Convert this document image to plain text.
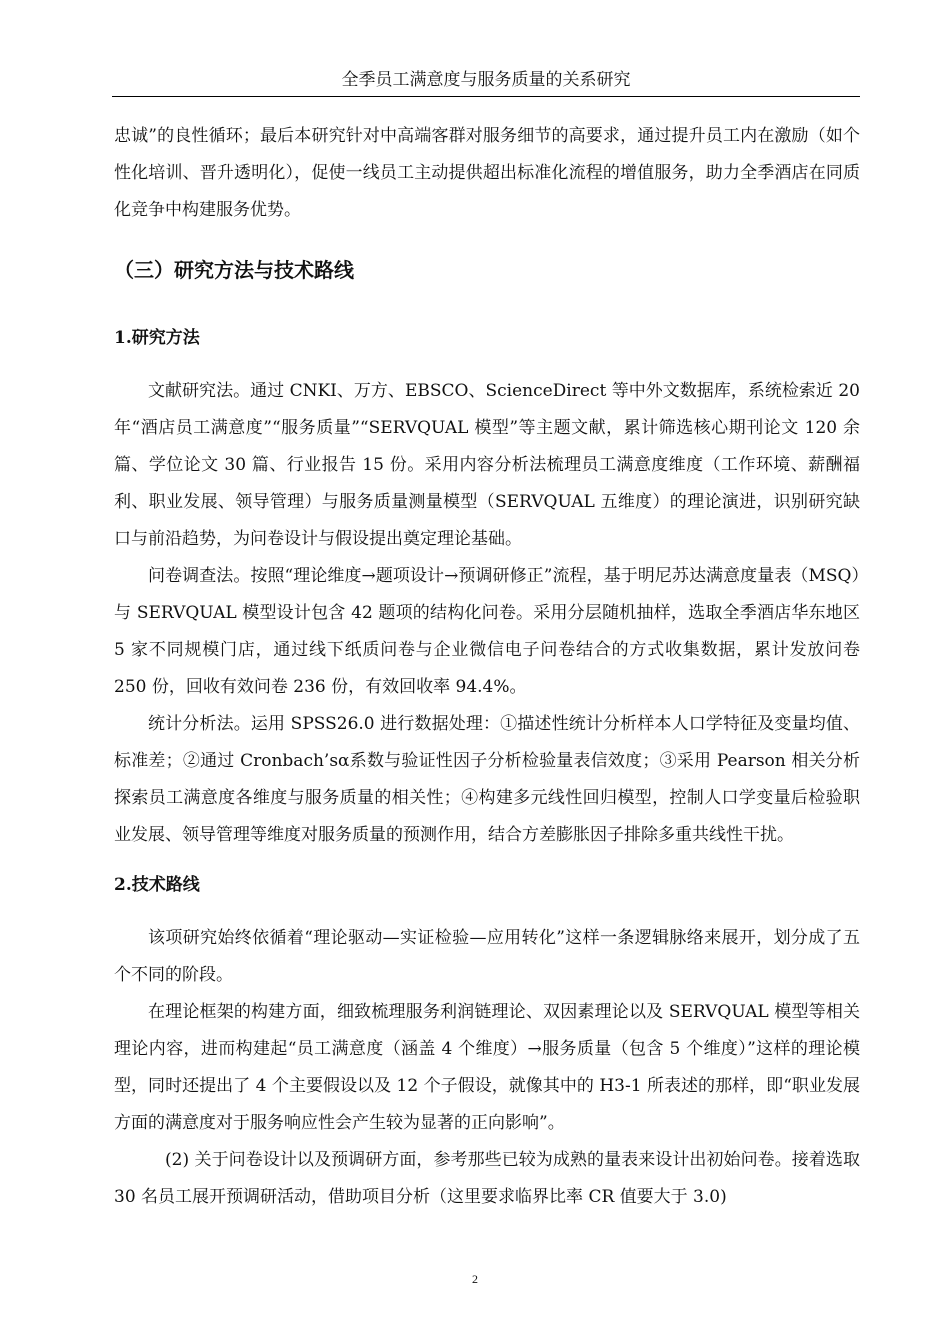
全季员工满意度与服务质量的关系研究

忠诚”的良性循环；最后本研究针对中高端客群对服务细节的高要求，通过提升员工内在激励（如个性化培训、晋升透明化），促使一线员工主动提供超出标准化流程的增值服务，助力全季酒店在同质化竞争中构建服务优势。

（三）研究方法与技术路线
1.研究方法

文献研究法。通过 CNKI、万方、EBSCO、ScienceDirect 等中外文数据库，系统检索近 20 年“酒店员工满意度”“服务质量”“SERVQUAL 模型”等主题文献，累计筛选核心期刊论文 120 余篇、学位论文 30 篇、行业报告 15 份。采用内容分析法梳理员工满意度维度（工作环境、薪酬福利、职业发展、领导管理）与服务质量测量模型（SERVQUAL 五维度）的理论演进，识别研究缺口与前沿趋势，为问卷设计与假设提出奠定理论基础。

问卷调查法。按照“理论维度→题项设计→预调研修正”流程，基于明尼苏达满意度量表（MSQ）与 SERVQUAL 模型设计包含 42 题项的结构化问卷。采用分层随机抽样，选取全季酒店华东地区 5 家不同规模门店，通过线下纸质问卷与企业微信电子问卷结合的方式收集数据，累计发放问卷 250 份，回收有效问卷 236 份，有效回收率 94.4%。

统计分析法。运用 SPSS26.0 进行数据处理：①描述性统计分析样本人口学特征及变量均值、标准差；②通过 Cronbach’sα系数与验证性因子分析检验量表信效度；③采用 Pearson 相关分析探索员工满意度各维度与服务质量的相关性；④构建多元线性回归模型，控制人口学变量后检验职业发展、领导管理等维度对服务质量的预测作用，结合方差膨胀因子排除多重共线性干扰。

2.技术路线

该项研究始终依循着“理论驱动—实证检验—应用转化”这样一条逻辑脉络来展开，划分成了五个不同的阶段。

在理论框架的构建方面，细致梳理服务利润链理论、双因素理论以及 SERVQUAL 模型等相关理论内容，进而构建起“员工满意度（涵盖 4 个维度）→服务质量（包含 5 个维度）”这样的理论模型，同时还提出了 4 个主要假设以及 12 个子假设，就像其中的 H3-1 所表述的那样，即“职业发展方面的满意度对于服务响应性会产生较为显著的正向影响”。

(2) 关于问卷设计以及预调研方面，参考那些已较为成熟的量表来设计出初始问卷。接着选取 30 名员工展开预调研活动，借助项目分析（这里要求临界比率 CR 值要大于 3.0)

2
